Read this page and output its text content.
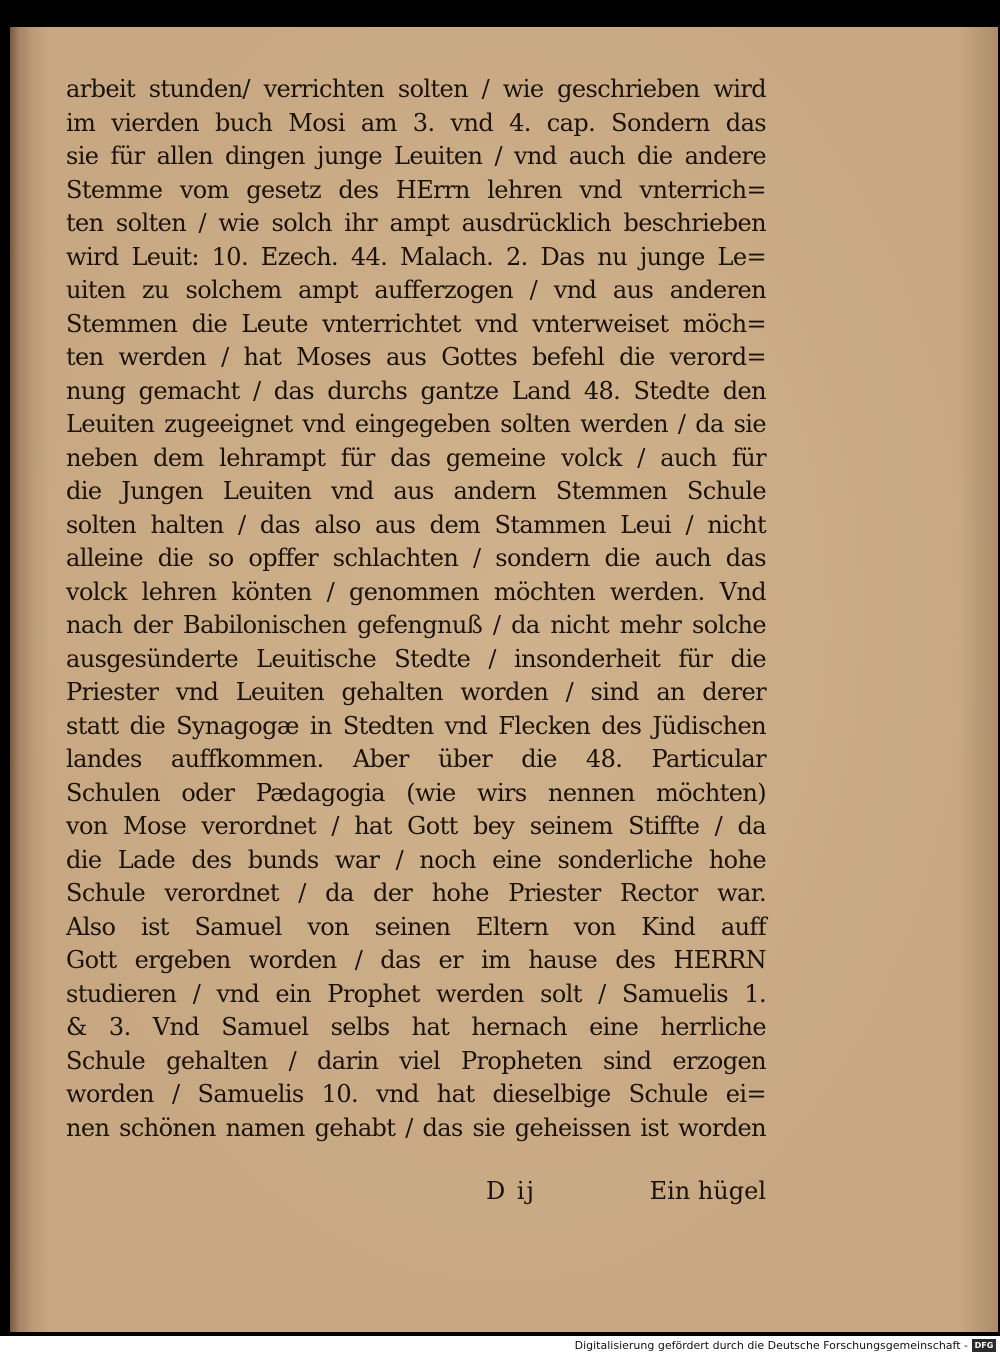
arbeit stunden/ verrichten solten / wie geschrieben wird
im vierden buch Mosi am 3. vnd 4. cap. Sondern das
sie für allen dingen junge Leuiten / vnd auch die andere
Stemme vom gesetz des HErrn lehren vnd vnterrich=
ten solten / wie solch ihr ampt ausdrücklich beschrieben
wird Leuit: 10. Ezech. 44. Malach. 2. Das nu junge Le=
uiten zu solchem ampt aufferzogen / vnd aus anderen
Stemmen die Leute vnterrichtet vnd vnterweiset möch=
ten werden / hat Moses aus Gottes befehl die verord=
nung gemacht / das durchs gantze Land 48. Stedte den
Leuiten zugeeignet vnd eingegeben solten werden / da sie
neben dem lehrampt für das gemeine volck / auch für
die Jungen Leuiten vnd aus andern Stemmen Schule
solten halten / das also aus dem Stammen Leui / nicht
alleine die so opffer schlachten / sondern die auch das
volck lehren könten / genommen möchten werden. Vnd
nach der Babilonischen gefengnuß / da nicht mehr solche
ausgesünderte Leuitische Stedte / insonderheit für die
Priester vnd Leuiten gehalten worden / sind an derer
statt die Synagogæ in Stedten vnd Flecken des Jüdischen
landes auffkommen. Aber über die 48. Particular
Schulen oder Pædagogia (wie wirs nennen möchten)
von Mose verordnet / hat Gott bey seinem Stiffte / da
die Lade des bunds war / noch eine sonderliche hohe
Schule verordnet / da der hohe Priester Rector war.
Also ist Samuel von seinen Eltern von Kind auff
Gott ergeben worden / das er im hause des HERRN
studieren / vnd ein Prophet werden solt / Samuelis 1.
& 3. Vnd Samuel selbs hat hernach eine herrliche
Schule gehalten / darin viel Propheten sind erzogen
worden / Samuelis 10. vnd hat dieselbige Schule ei=
nen schönen namen gehabt / das sie geheissen ist worden
D ij	Ein hügel
Digitalisierung gefördert durch die Deutsche Forschungsgemeinschaft - DFG
